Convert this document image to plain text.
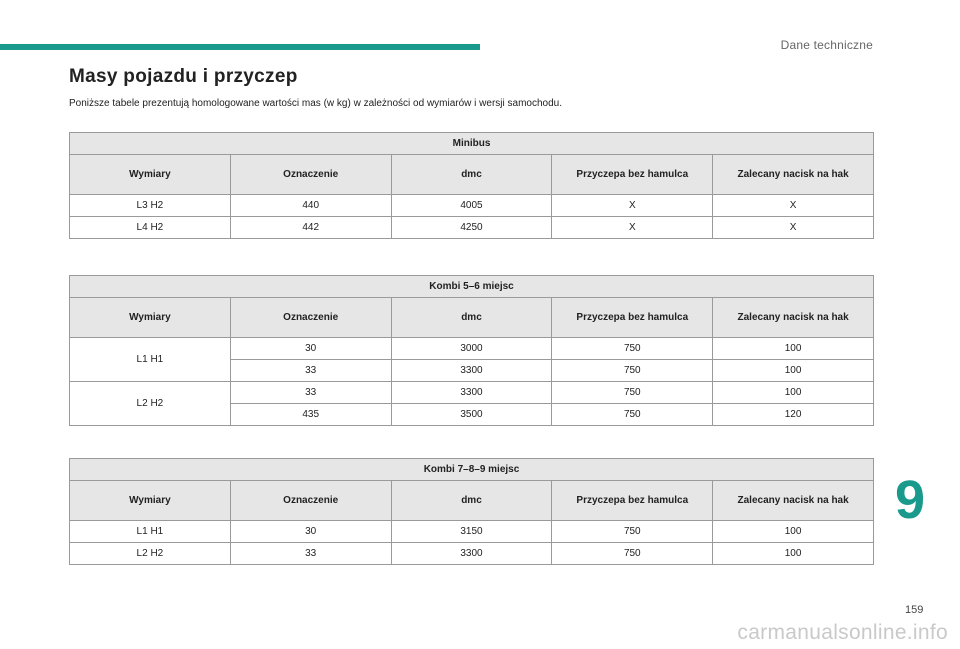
Dane techniczne
Masy pojazdu i przyczep
Poniższe tabele prezentują homologowane wartości mas (w kg) w zależności od wymiarów i wersji samochodu.
Minibus				
Wymiary	Oznaczenie	dmc	Przyczepa bez hamulca	Zalecany nacisk na hak
L3 H2	440	4005	X	X
L4 H2	442	4250	X	X
Kombi 5–6 miejsc				
Wymiary	Oznaczenie	dmc	Przyczepa bez hamulca	Zalecany nacisk na hak
L1 H1	30	3000	750	100
	33	3300	750	100
L2 H2	33	3300	750	100
	435	3500	750	120
Kombi 7–8–9 miejsc				
Wymiary	Oznaczenie	dmc	Przyczepa bez hamulca	Zalecany nacisk na hak
L1 H1	30	3150	750	100
L2 H2	33	3300	750	100
9
159
carmanualsonline.info
